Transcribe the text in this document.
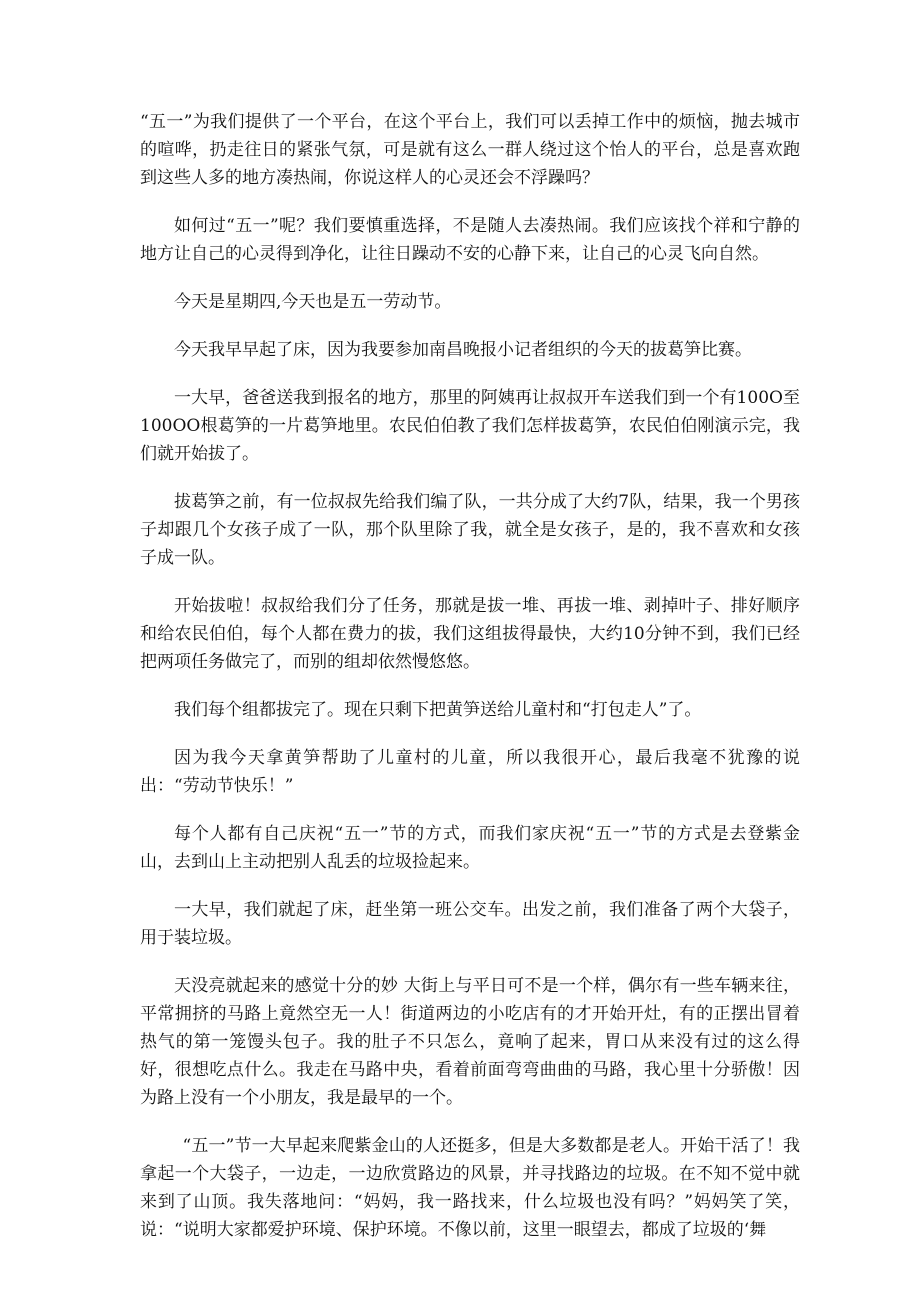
“五一”为我们提供了一个平台，在这个平台上，我们可以丢掉工作中的烦恼，抛去城市的喧哗，扔走往日的紧张气氛，可是就有这么一群人绕过这个怡人的平台，总是喜欢跑到这些人多的地方凑热闹，你说这样人的心灵还会不浮躁吗？

如何过“五一”呢？我们要慎重选择，不是随人去凑热闹。我们应该找个祥和宁静的地方让自己的心灵得到净化，让往日躁动不安的心静下来，让自己的心灵飞向自然。

今天是星期四,今天也是五一劳动节。

今天我早早起了床，因为我要参加南昌晚报小记者组织的今天的拔葛笋比赛。

一大早，爸爸送我到报名的地方，那里的阿姨再让叔叔开车送我们到一个有100O至100OO根葛笋的一片葛笋地里。农民伯伯教了我们怎样拔葛笋，农民伯伯刚演示完，我们就开始拔了。

拔葛笋之前，有一位叔叔先给我们编了队，一共分成了大约7队，结果，我一个男孩子却跟几个女孩子成了一队，那个队里除了我，就全是女孩子，是的，我不喜欢和女孩子成一队。

开始拔啦！叔叔给我们分了任务，那就是拔一堆、再拔一堆、剥掉叶子、排好顺序和给农民伯伯，每个人都在费力的拔，我们这组拔得最快，大约10分钟不到，我们已经把两项任务做完了，而别的组却依然慢悠悠。

我们每个组都拔完了。现在只剩下把黄笋送给儿童村和“打包走人”了。

因为我今天拿黄笋帮助了儿童村的儿童，所以我很开心，最后我毫不犹豫的说出：“劳动节快乐！”

每个人都有自己庆祝“五一”节的方式，而我们家庆祝“五一”节的方式是去登紫金山，去到山上主动把别人乱丢的垃圾捡起来。

一大早，我们就起了床，赶坐第一班公交车。出发之前，我们准备了两个大袋子，用于装垃圾。

天没亮就起来的感觉十分的妙 大街上与平日可不是一个样，偶尔有一些车辆来往，平常拥挤的马路上竟然空无一人！街道两边的小吃店有的才开始开灶，有的正摆出冒着热气的第一笼馒头包子。我的肚子不只怎么，竟响了起来，胃口从来没有过的这么得好，很想吃点什么。我走在马路中央，看着前面弯弯曲曲的马路，我心里十分骄傲！因为路上没有一个小朋友，我是最早的一个。

“五一”节一大早起来爬紫金山的人还挺多，但是大多数都是老人。开始干活了！我拿起一个大袋子，一边走，一边欣赏路边的风景，并寻找路边的垃圾。在不知不觉中就来到了山顶。我失落地问：“妈妈，我一路找来，什么垃圾也没有吗？”妈妈笑了笑，说：“说明大家都爱护环境、保护环境。不像以前，这里一眼望去，都成了垃圾的‘舞
